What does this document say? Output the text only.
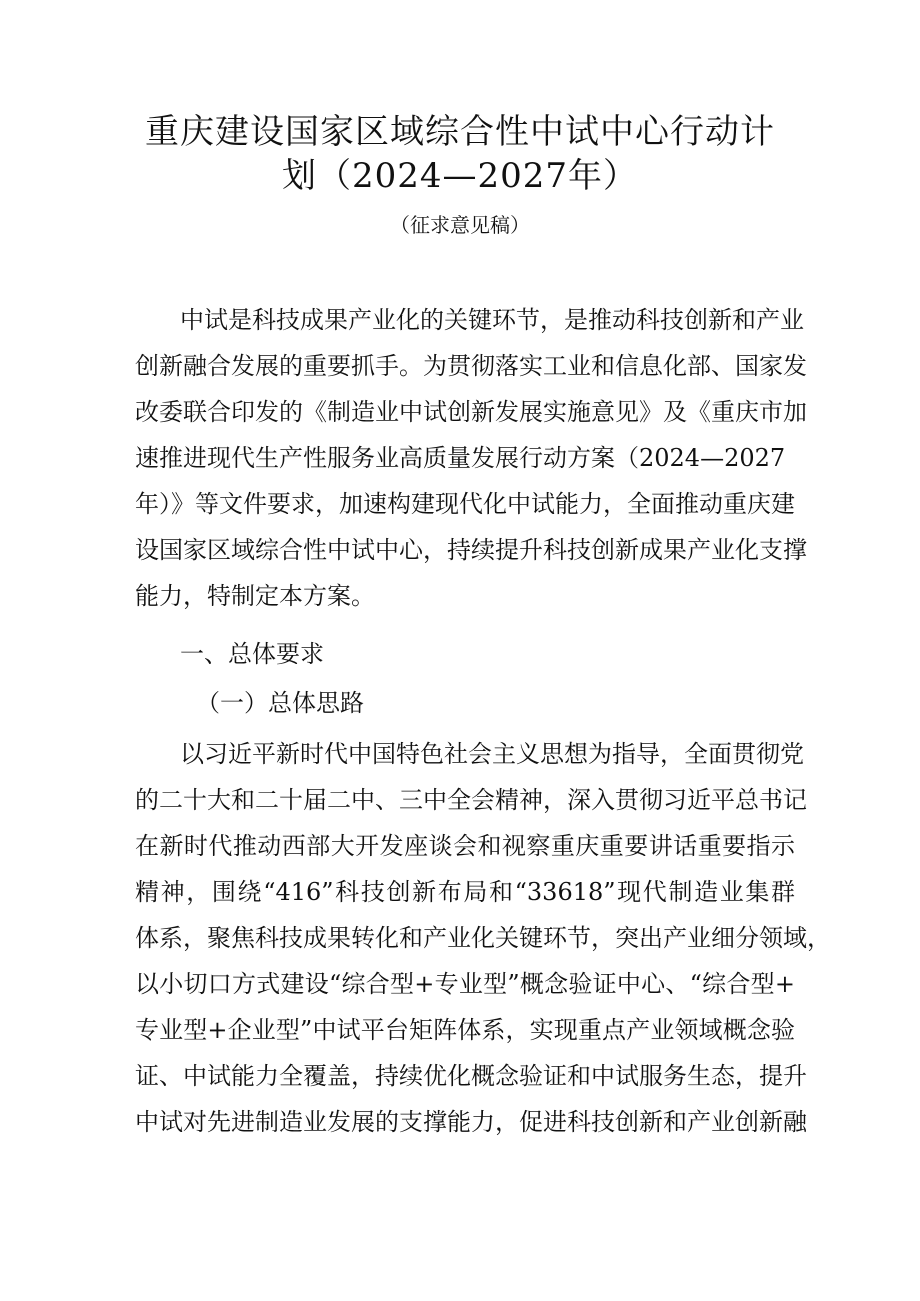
重庆建设国家区域综合性中试中心行动计
划（2024—2027年）
（征求意见稿）
中试是科技成果产业化的关键环节，是推动科技创新和产业
创新融合发展的重要抓手。为贯彻落实工业和信息化部、国家发
改委联合印发的《制造业中试创新发展实施意见》及《重庆市加
速推进现代生产性服务业高质量发展行动方案（2024—2027
年）》等文件要求，加速构建现代化中试能力，全面推动重庆建
设国家区域综合性中试中心，持续提升科技创新成果产业化支撑
能力，特制定本方案。
一、总体要求
（一）总体思路
以习近平新时代中国特色社会主义思想为指导，全面贯彻党
的二十大和二十届二中、三中全会精神，深入贯彻习近平总书记
在新时代推动西部大开发座谈会和视察重庆重要讲话重要指示
精神，围绕“416”科技创新布局和“33618”现代制造业集群
体系，聚焦科技成果转化和产业化关键环节，突出产业细分领域，
以小切口方式建设“综合型+专业型”概念验证中心、“综合型+
专业型+企业型”中试平台矩阵体系，实现重点产业领域概念验
证、中试能力全覆盖，持续优化概念验证和中试服务生态，提升
中试对先进制造业发展的支撑能力，促进科技创新和产业创新融
